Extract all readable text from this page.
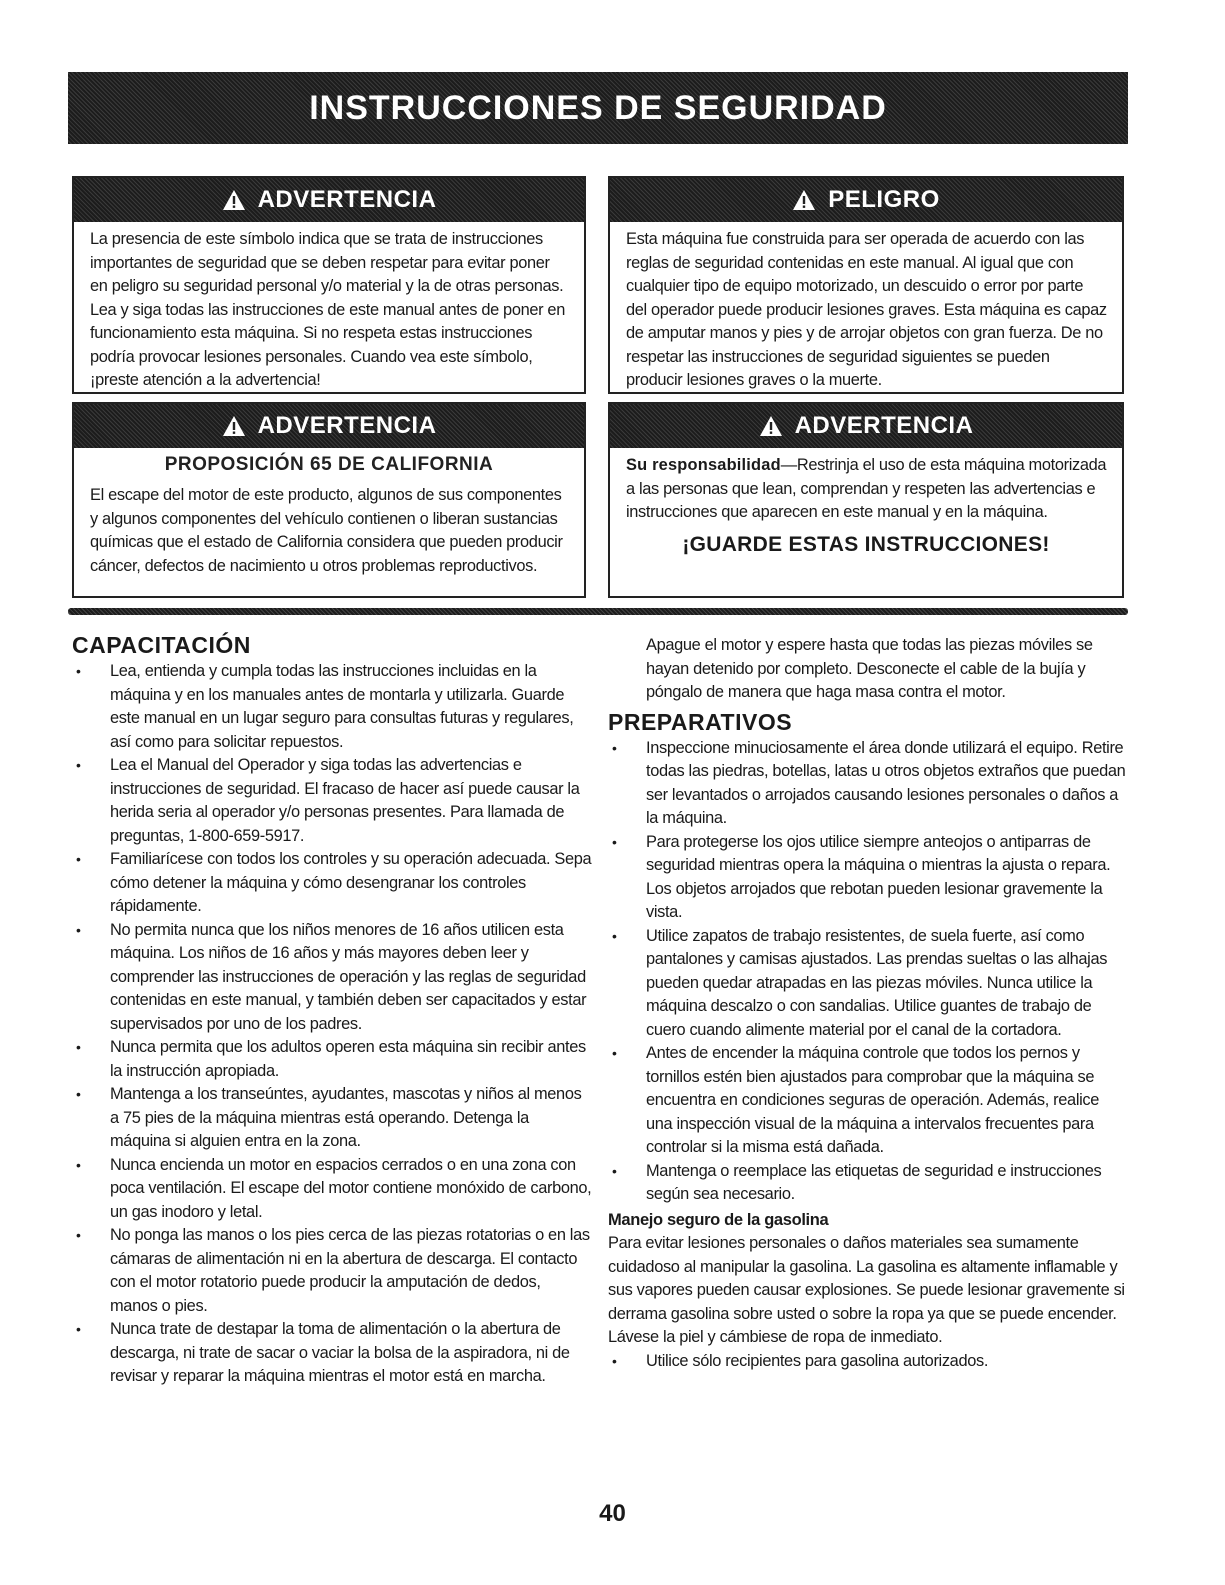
INSTRUCCIONES DE SEGURIDAD
ADVERTENCIA
La presencia de este símbolo indica que se trata de instrucciones importantes de seguridad que se deben respetar para evitar poner en peligro su seguridad personal y/o material y la de otras personas. Lea y siga todas las instrucciones de este manual antes de poner en funcionamiento esta máquina. Si no respeta estas instrucciones podría provocar lesiones personales. Cuando vea este símbolo, ¡preste atención a la advertencia!
PELIGRO
Esta máquina fue construida para ser operada de acuerdo con las reglas de seguridad contenidas en este manual. Al igual que con cualquier tipo de equipo motorizado, un descuido o error por parte del operador puede producir lesiones graves. Esta máquina es capaz de amputar manos y pies y de arrojar objetos con gran fuerza. De no respetar las instrucciones de seguridad siguientes se pueden producir lesiones graves o la muerte.
ADVERTENCIA
PROPOSICIÓN 65 DE CALIFORNIA
El escape del motor de este producto, algunos de sus componentes y algunos componentes del vehículo contienen o liberan sustancias químicas que el estado de California considera que pueden producir cáncer, defectos de nacimiento u otros problemas reproductivos.
ADVERTENCIA
Su responsabilidad—Restrinja el uso de esta máquina motorizada a las personas que lean, comprendan y respeten las advertencias e instrucciones que aparecen en este manual y en la máquina.
¡GUARDE ESTAS INSTRUCCIONES!
CAPACITACIÓN
• Lea, entienda y cumpla todas las instrucciones incluidas en la máquina y en los manuales antes de montarla y utilizarla. Guarde este manual en un lugar seguro para consultas futuras y regulares, así como para solicitar repuestos.
• Lea el Manual del Operador y siga todas las advertencias e instrucciones de seguridad. El fracaso de hacer así puede causar la herida seria al operador y/o personas presentes. Para llamada de preguntas, 1-800-659-5917.
• Familiarícese con todos los controles y su operación adecuada. Sepa cómo detener la máquina y cómo desengranar los controles rápidamente.
• No permita nunca que los niños menores de 16 años utilicen esta máquina. Los niños de 16 años y más mayores deben leer y comprender las instrucciones de operación y las reglas de seguridad contenidas en este manual, y también deben ser capacitados y estar supervisados por uno de los padres.
• Nunca permita que los adultos operen esta máquina sin recibir antes la instrucción apropiada.
• Mantenga a los transeúntes, ayudantes, mascotas y niños al menos a 75 pies de la máquina mientras está operando. Detenga la máquina si alguien entra en la zona.
• Nunca encienda un motor en espacios cerrados o en una zona con poca ventilación. El escape del motor contiene monóxido de carbono, un gas inodoro y letal.
• No ponga las manos o los pies cerca de las piezas rotatorias o en las cámaras de alimentación ni en la abertura de descarga. El contacto con el motor rotatorio puede producir la amputación de dedos, manos o pies.
• Nunca trate de destapar la toma de alimentación o la abertura de descarga, ni trate de sacar o vaciar la bolsa de la aspiradora, ni de revisar y reparar la máquina mientras el motor está en marcha.

Apague el motor y espere hasta que todas las piezas móviles se hayan detenido por completo. Desconecte el cable de la bujía y póngalo de manera que haga masa contra el motor.

PREPARATIVOS
• Inspeccione minuciosamente el área donde utilizará el equipo. Retire todas las piedras, botellas, latas u otros objetos extraños que puedan ser levantados o arrojados causando lesiones personales o daños a la máquina.
• Para protegerse los ojos utilice siempre anteojos o antiparras de seguridad mientras opera la máquina o mientras la ajusta o repara. Los objetos arrojados que rebotan pueden lesionar gravemente la vista.
• Utilice zapatos de trabajo resistentes, de suela fuerte, así como pantalones y camisas ajustados. Las prendas sueltas o las alhajas pueden quedar atrapadas en las piezas móviles. Nunca utilice la máquina descalzo o con sandalias. Utilice guantes de trabajo de cuero cuando alimente material por el canal de la cortadora.
• Antes de encender la máquina controle que todos los pernos y tornillos estén bien ajustados para comprobar que la máquina se encuentra en condiciones seguras de operación. Además, realice una inspección visual de la máquina a intervalos frecuentes para controlar si la misma está dañada.
• Mantenga o reemplace las etiquetas de seguridad e instrucciones según sea necesario.
Manejo seguro de la gasolina

Para evitar lesiones personales o daños materiales sea sumamente cuidadoso al manipular la gasolina. La gasolina es altamente inflamable y sus vapores pueden causar explosiones. Se puede lesionar gravemente si derrama gasolina sobre usted o sobre la ropa ya que se puede encender. Lávese la piel y cámbiese de ropa de inmediato.

• Utilice sólo recipientes para gasolina autorizados.
40
